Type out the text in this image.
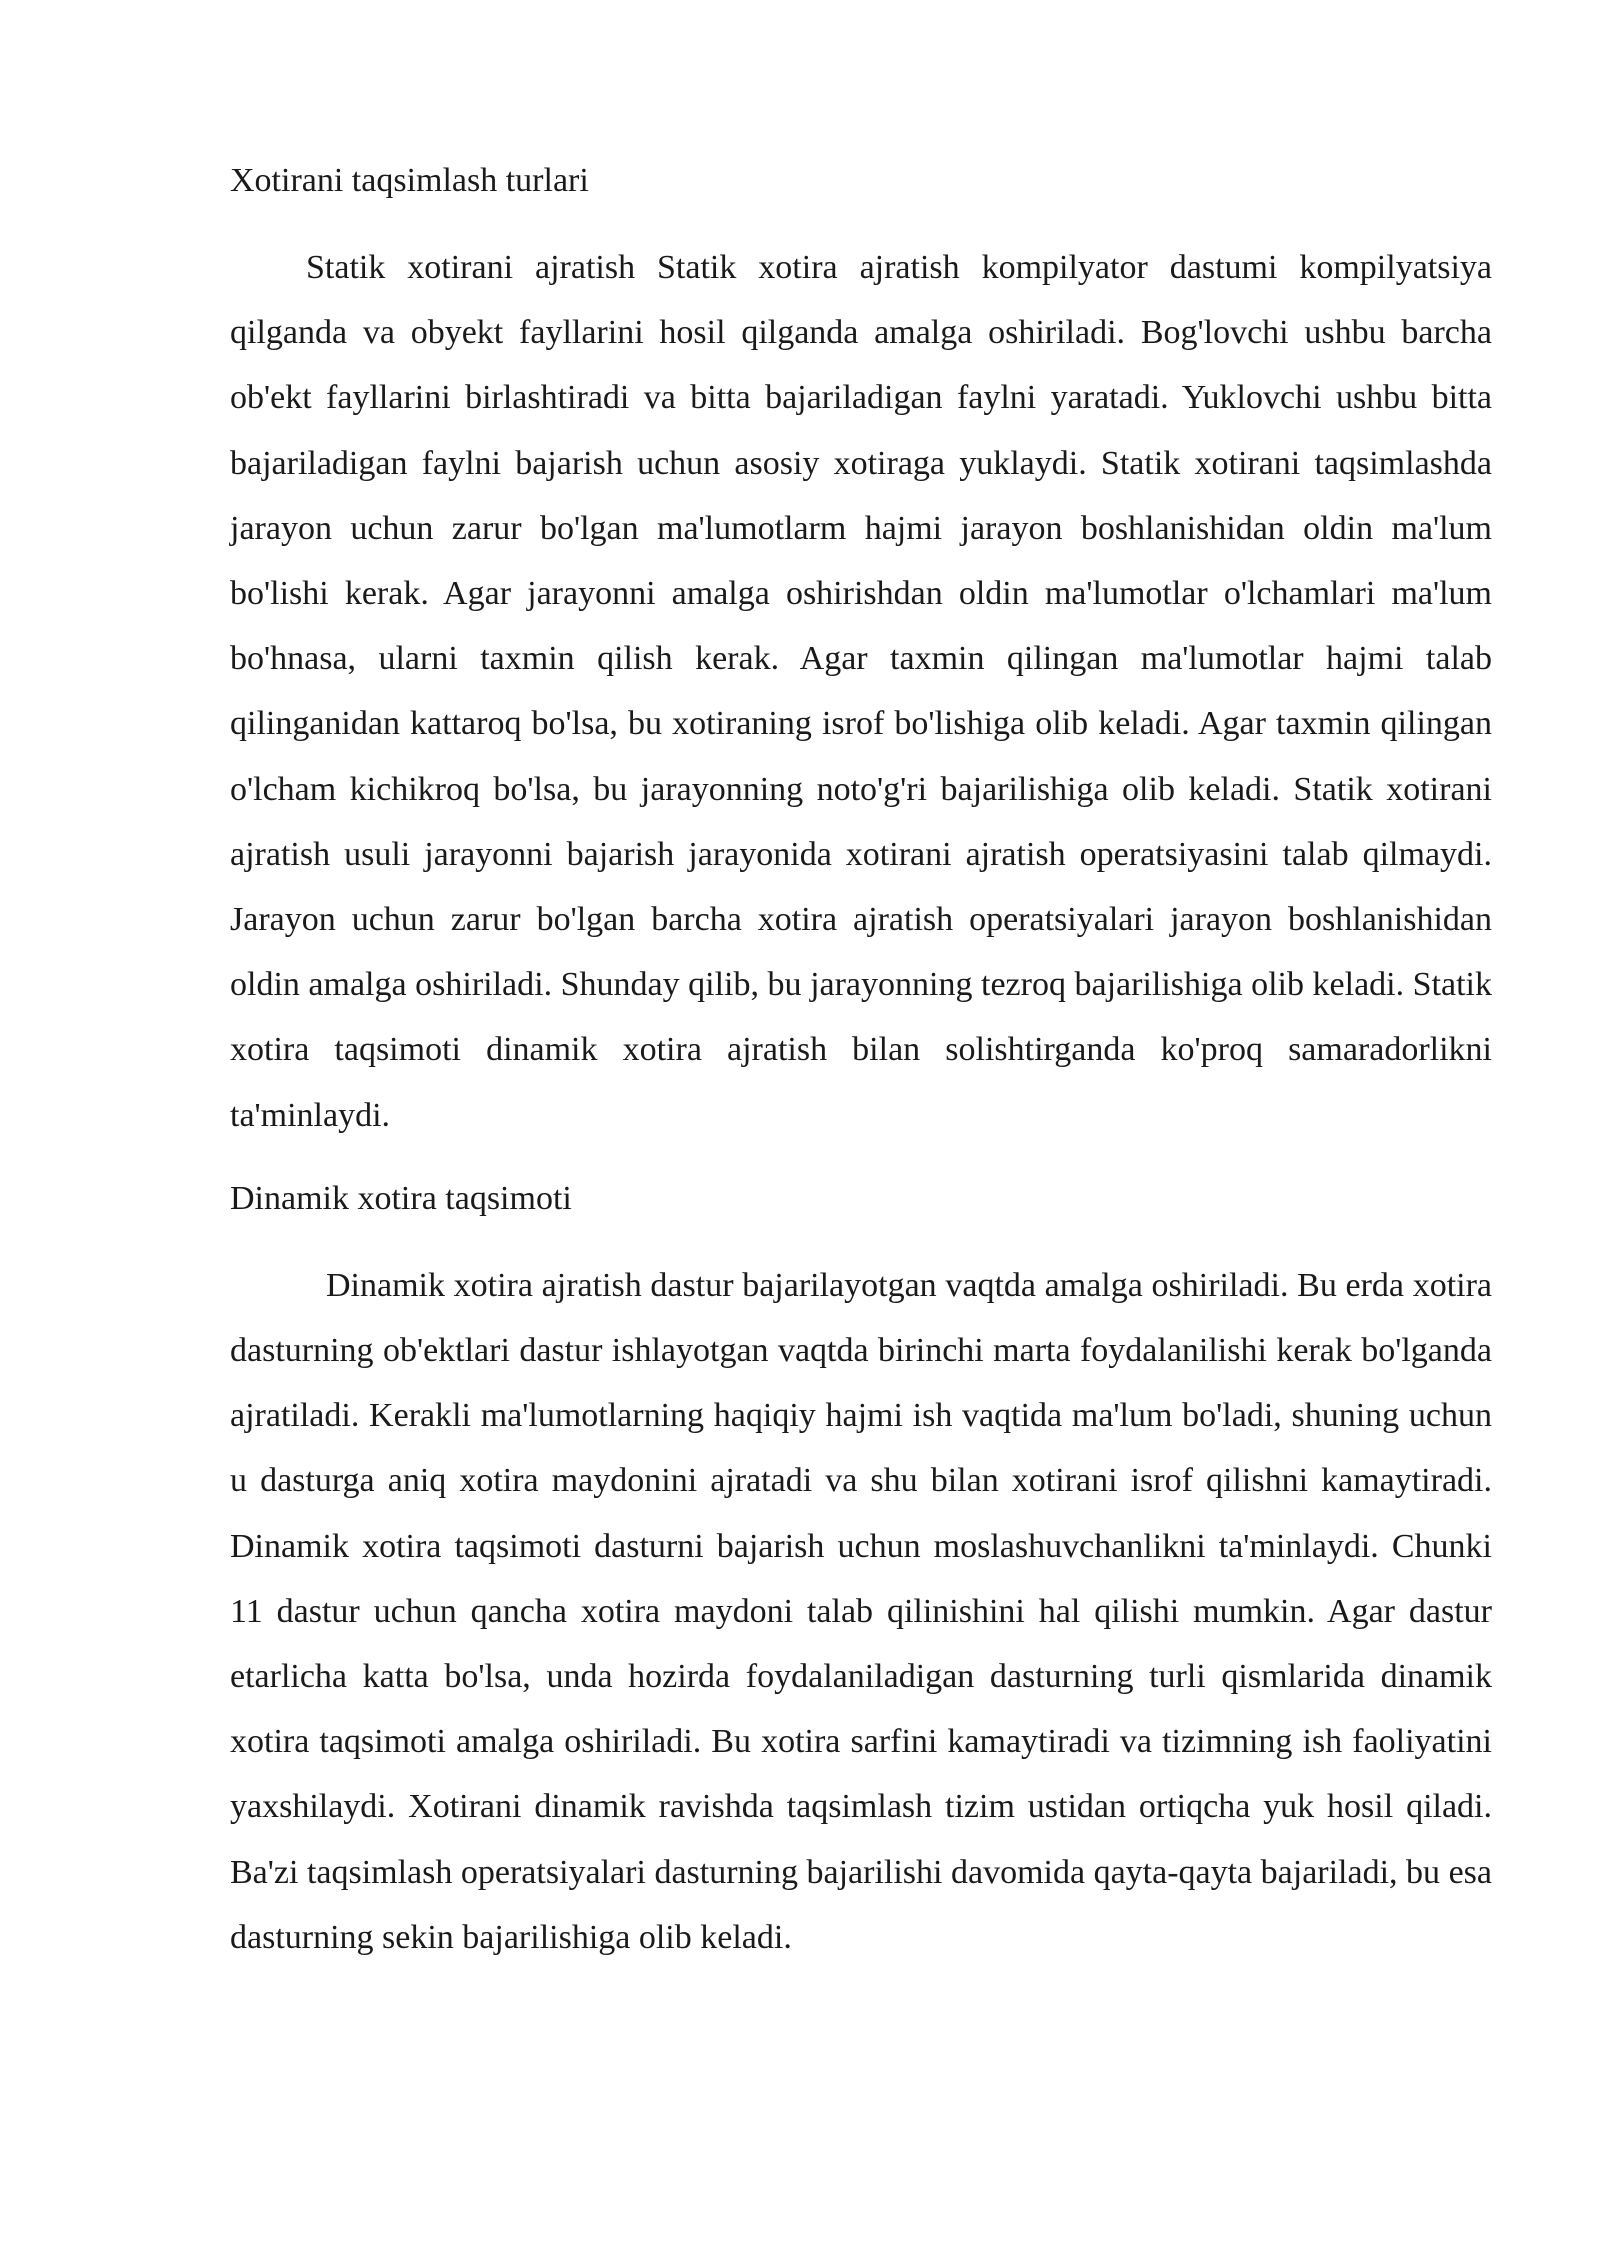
Xotirani taqsimlash turlari

Statik xotirani ajratish Statik xotira ajratish kompilyator dastumi kompilyatsiya qilganda va obyekt fayllarini hosil qilganda amalga oshiriladi. Bog'lovchi ushbu barcha ob'ekt fayllarini birlashtiradi va bitta bajariladigan faylni yaratadi. Yuklovchi ushbu bitta bajariladigan faylni bajarish uchun asosiy xotiraga yuklaydi. Statik xotirani taqsimlashda jarayon uchun zarur bo'lgan ma'lumotlarm hajmi jarayon boshlanishidan oldin ma'lum bo'lishi kerak. Agar jarayonni amalga oshirishdan oldin ma'lumotlar o'lchamlari ma'lum bo'hnasa, ularni taxmin qilish kerak. Agar taxmin qilingan ma'lumotlar hajmi talab qilinganidan kattaroq bo'lsa, bu xotiraning isrof bo'lishiga olib keladi. Agar taxmin qilingan o'lcham kichikroq bo'lsa, bu jarayonning noto'g'ri bajarilishiga olib keladi. Statik xotirani ajratish usuli jarayonni bajarish jarayonida xotirani ajratish operatsiyasini talab qilmaydi. Jarayon uchun zarur bo'lgan barcha xotira ajratish operatsiyalari jarayon boshlanishidan oldin amalga oshiriladi. Shunday qilib, bu jarayonning tezroq bajarilishiga olib keladi. Statik xotira taqsimoti dinamik xotira ajratish bilan solishtirganda ko'proq samaradorlikni ta'minlaydi.

Dinamik xotira taqsimoti

Dinamik xotira ajratish dastur bajarilayotgan vaqtda amalga oshiriladi. Bu erda xotira dasturning ob'ektlari dastur ishlayotgan vaqtda birinchi marta foydalanilishi kerak bo'lganda ajratiladi. Kerakli ma'lumotlarning haqiqiy hajmi ish vaqtida ma'lum bo'ladi, shuning uchun u dasturga aniq xotira maydonini ajratadi va shu bilan xotirani isrof qilishni kamaytiradi. Dinamik xotira taqsimoti dasturni bajarish uchun moslashuvchanlikni ta'minlaydi. Chunki 11 dastur uchun qancha xotira maydoni talab qilinishini hal qilishi mumkin. Agar dastur etarlicha katta bo'lsa, unda hozirda foydalaniladigan dasturning turli qismlarida dinamik xotira taqsimoti amalga oshiriladi. Bu xotira sarfini kamaytiradi va tizimning ish faoliyatini yaxshilaydi. Xotirani dinamik ravishda taqsimlash tizim ustidan ortiqcha yuk hosil qiladi. Ba'zi taqsimlash operatsiyalari dasturning bajarilishi davomida qayta-qayta bajariladi, bu esa dasturning sekin bajarilishiga olib keladi.
